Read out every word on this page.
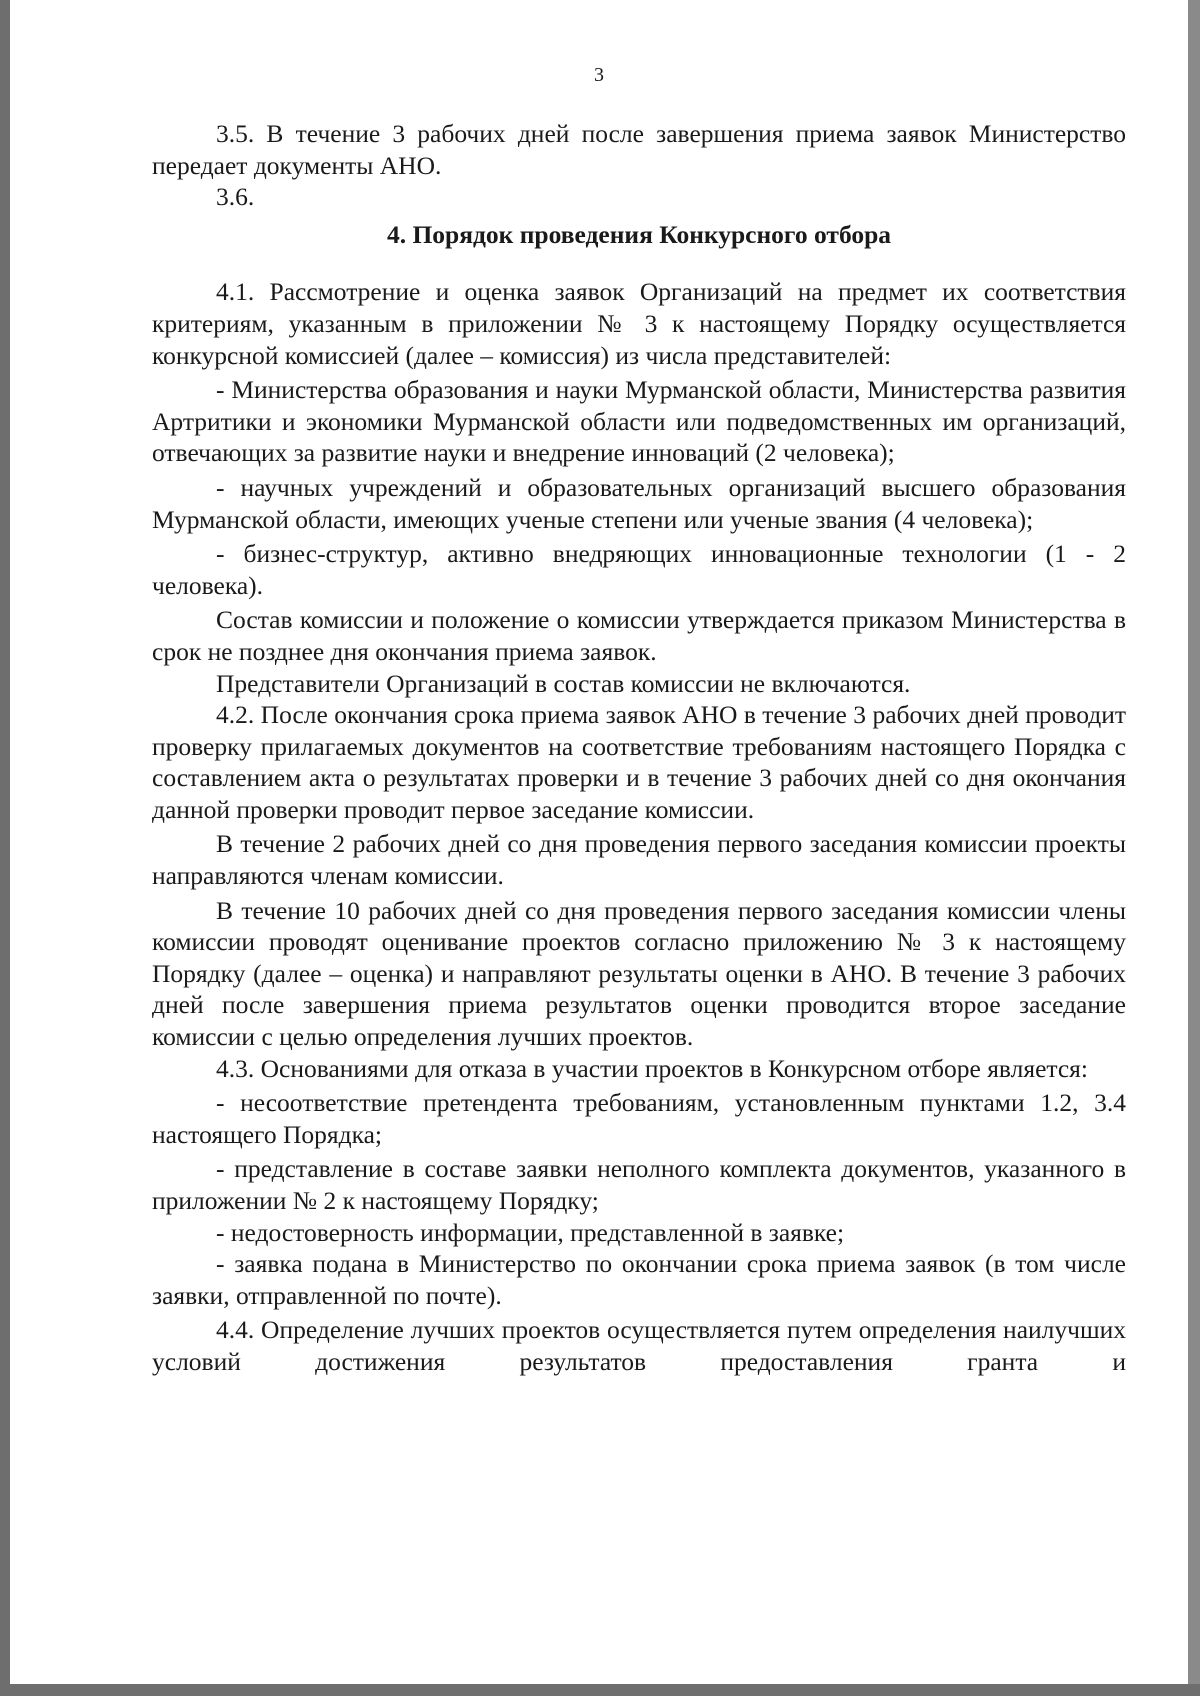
3

3.5. В течение 3 рабочих дней после завершения приема заявок Министерство передает документы АНО.

3.6.

4. Порядок проведения Конкурсного отбора

4.1. Рассмотрение и оценка заявок Организаций на предмет их соответствия критериям, указанным в приложении № 3 к настоящему Порядку осуществляется конкурсной комиссией (далее – комиссия) из числа представителей:

- Министерства образования и науки Мурманской области, Министерства развития Артритики и экономики Мурманской области или подведомственных им организаций, отвечающих за развитие науки и внедрение инноваций (2 человека);

- научных учреждений и образовательных организаций высшего образования Мурманской области, имеющих ученые степени или ученые звания (4 человека);

- бизнес-структур, активно внедряющих инновационные технологии (1 - 2 человека).

Состав комиссии и положение о комиссии утверждается приказом Министерства в срок не позднее дня окончания приема заявок.

Представители Организаций в состав комиссии не включаются.

4.2. После окончания срока приема заявок АНО в течение 3 рабочих дней проводит проверку прилагаемых документов на соответствие требованиям настоящего Порядка с составлением акта о результатах проверки и в течение 3 рабочих дней со дня окончания данной проверки проводит первое заседание комиссии.

В течение 2 рабочих дней со дня проведения первого заседания комиссии проекты направляются членам комиссии.

В течение 10 рабочих дней со дня проведения первого заседания комиссии члены комиссии проводят оценивание проектов согласно приложению № 3 к настоящему Порядку (далее – оценка) и направляют результаты оценки в АНО. В течение 3 рабочих дней после завершения приема результатов оценки проводится второе заседание комиссии с целью определения лучших проектов.

4.3. Основаниями для отказа в участии проектов в Конкурсном отборе является:

- несоответствие претендента требованиям, установленным пунктами 1.2, 3.4 настоящего Порядка;

- представление в составе заявки неполного комплекта документов, указанного в приложении № 2 к настоящему Порядку;

- недостоверность информации, представленной в заявке;

- заявка подана в Министерство по окончании срока приема заявок (в том числе заявки, отправленной по почте).

4.4. Определение лучших проектов осуществляется путем определения наилучших условий достижения результатов предоставления гранта и
